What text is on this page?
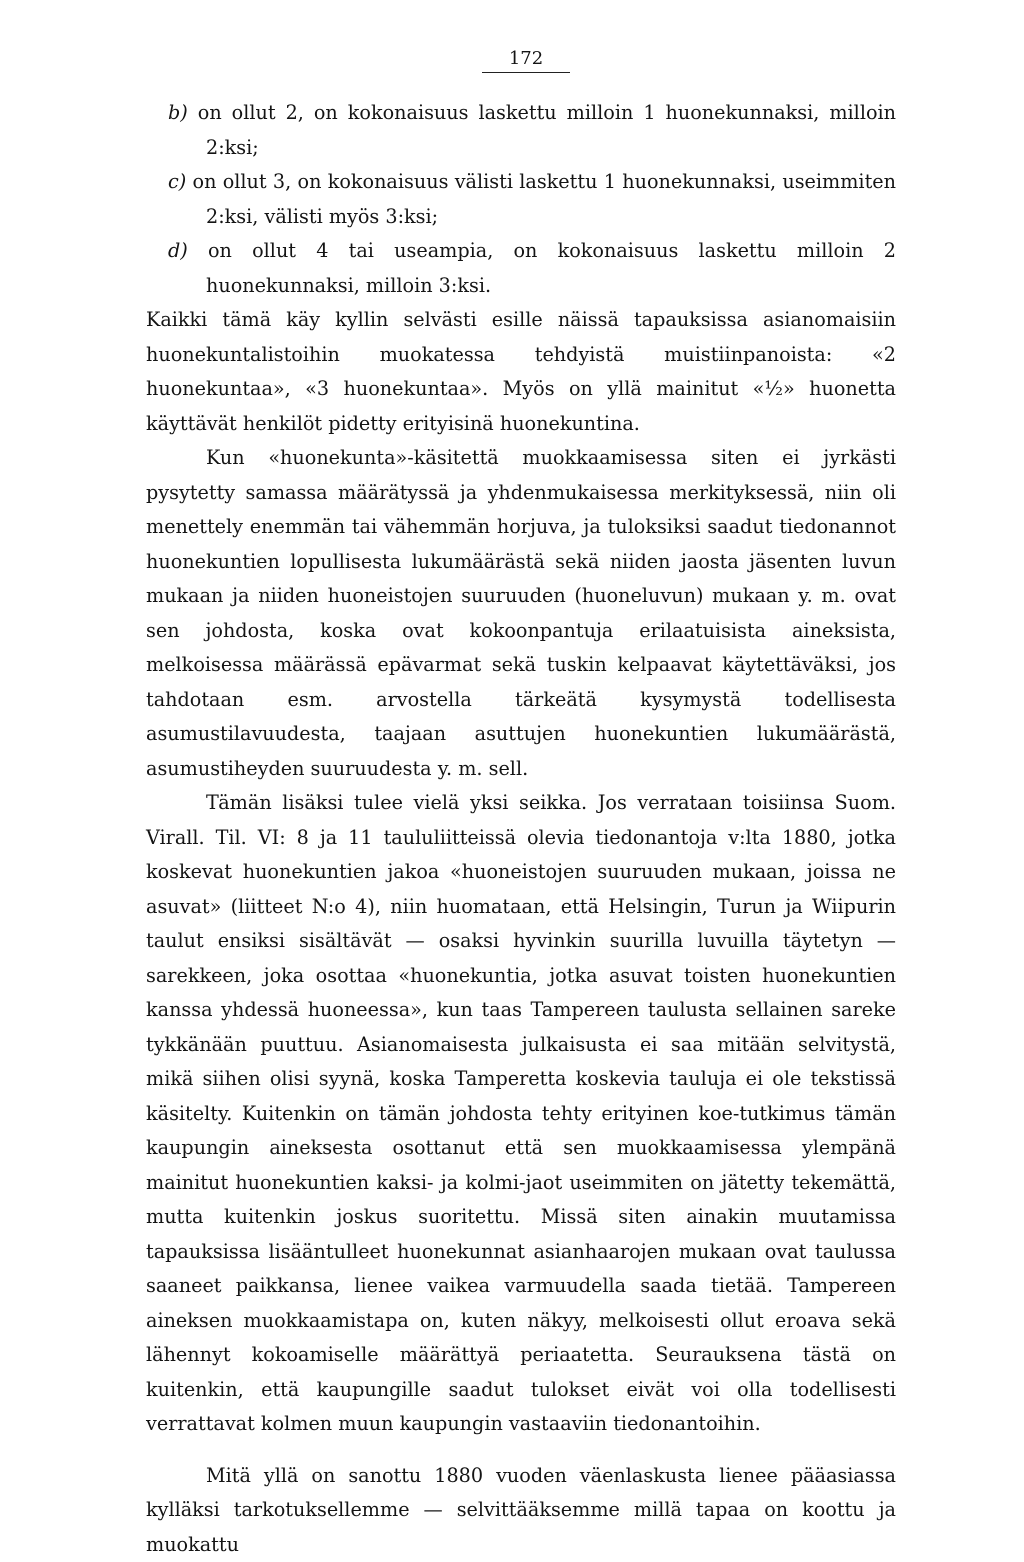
172

b) on ollut 2, on kokonaisuus laskettu milloin 1 huonekunnaksi, milloin 2:ksi;

c) on ollut 3, on kokonaisuus välisti laskettu 1 huonekunnaksi, useimmiten 2:ksi, välisti myös 3:ksi;

d) on ollut 4 tai useampia, on kokonaisuus laskettu milloin 2 huonekunnaksi, milloin 3:ksi.

Kaikki tämä käy kyllin selvästi esille näissä tapauksissa asianomaisiin huonekuntalistoihin muokatessa tehdyistä muistiinpanoista: «2 huonekuntaa», «3 huonekuntaa». Myös on yllä mainitut «½» huonetta käyttävät henkilöt pidetty erityisinä huonekuntina.

Kun «huonekunta»-käsitettä muokkaamisessa siten ei jyrkästi pysytetty samassa määrätyssä ja yhdenmukaisessa merkityksessä, niin oli menettely enemmän tai vähemmän horjuva, ja tuloksiksi saadut tiedonannot huonekuntien lopullisesta lukumäärästä sekä niiden jaosta jäsenten luvun mukaan ja niiden huoneistojen suuruuden (huoneluvun) mukaan y. m. ovat sen johdosta, koska ovat kokoonpantuja erilaatuisista aineksista, melkoisessa määrässä epävarmat sekä tuskin kelpaavat käytettäväksi, jos tahdotaan esm. arvostella tärkeätä kysymystä todellisesta asumustilavuudesta, taajaan asuttujen huonekuntien lukumäärästä, asumustiheyden suuruudesta y. m. sell.

Tämän lisäksi tulee vielä yksi seikka. Jos verrataan toisiinsa Suom. Virall. Til. VI: 8 ja 11 taululiitteissä olevia tiedonantoja v:lta 1880, jotka koskevat huonekuntien jakoa «huoneistojen suuruuden mukaan, joissa ne asuvat» (liitteet N:o 4), niin huomataan, että Helsingin, Turun ja Wiipurin taulut ensiksi sisältävät — osaksi hyvinkin suurilla luvuilla täytetyn — sarekkeen, joka osottaa «huonekuntia, jotka asuvat toisten huonekuntien kanssa yhdessä huoneessa», kun taas Tampereen taulusta sellainen sareke tykkänään puuttuu. Asianomaisesta julkaisusta ei saa mitään selvitystä, mikä siihen olisi syynä, koska Tamperetta koskevia tauluja ei ole tekstissä käsitelty. Kuitenkin on tämän johdosta tehty erityinen koe-tutkimus tämän kaupungin aineksesta osottanut että sen muokkaamisessa ylempänä mainitut huonekuntien kaksi- ja kolmi-jaot useimmiten on jätetty tekemättä, mutta kuitenkin joskus suoritettu. Missä siten ainakin muutamissa tapauksissa lisääntulleet huonekunnat asianhaarojen mukaan ovat taulussa saaneet paikkansa, lienee vaikea varmuudella saada tietää. Tampereen aineksen muokkaamistapa on, kuten näkyy, melkoisesti ollut eroava sekä lähennyt kokoamiselle määrättyä periaatetta. Seurauksena tästä on kuitenkin, että kaupungille saadut tulokset eivät voi olla todellisesti verrattavat kolmen muun kaupungin vastaaviin tiedonantoihin.

Mitä yllä on sanottu 1880 vuoden väenlaskusta lienee pääasiassa kylläksi tarkotuksellemme — selvittääksemme millä tapaa on koottu ja muokattu
